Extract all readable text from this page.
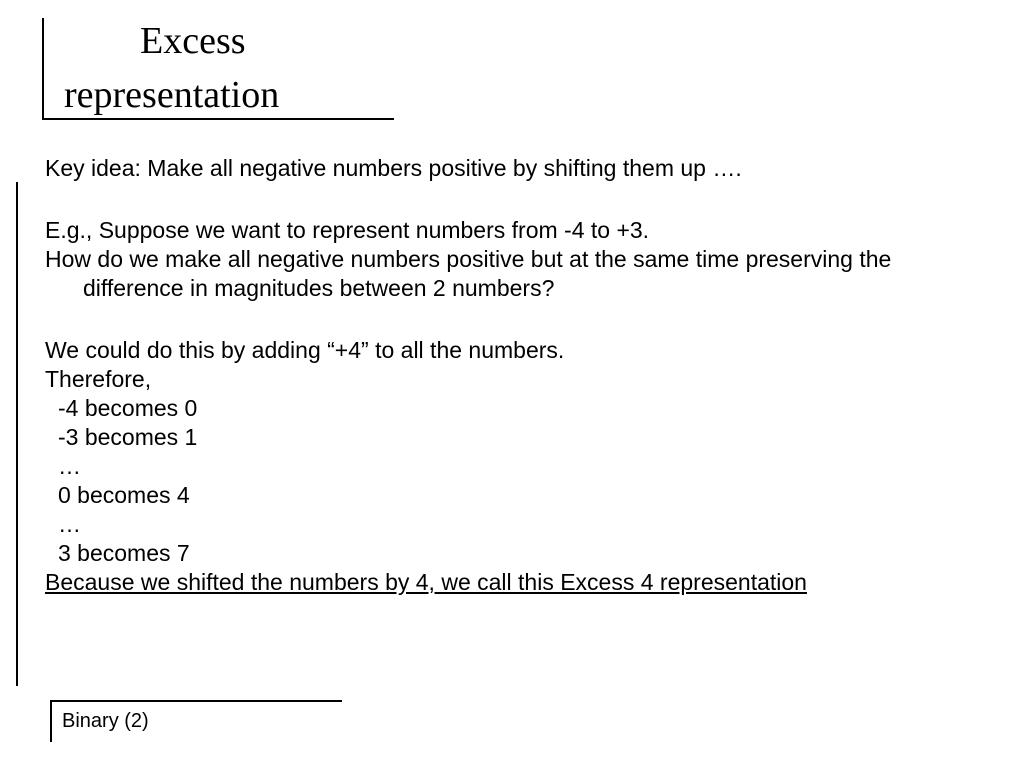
Excess
representation

Key idea: Make all negative numbers positive by shifting them up ….

E.g., Suppose we want to represent numbers from -4 to +3.

How do we make all negative numbers positive but at the same time preserving the difference in magnitudes between 2 numbers?

We could do this by adding “+4” to all the numbers.

Therefore,

-4 becomes 0

-3 becomes 1

…

0 becomes 4

…

3 becomes 7

Because we shifted the numbers by 4, we call this Excess 4 representation

Binary (2)
